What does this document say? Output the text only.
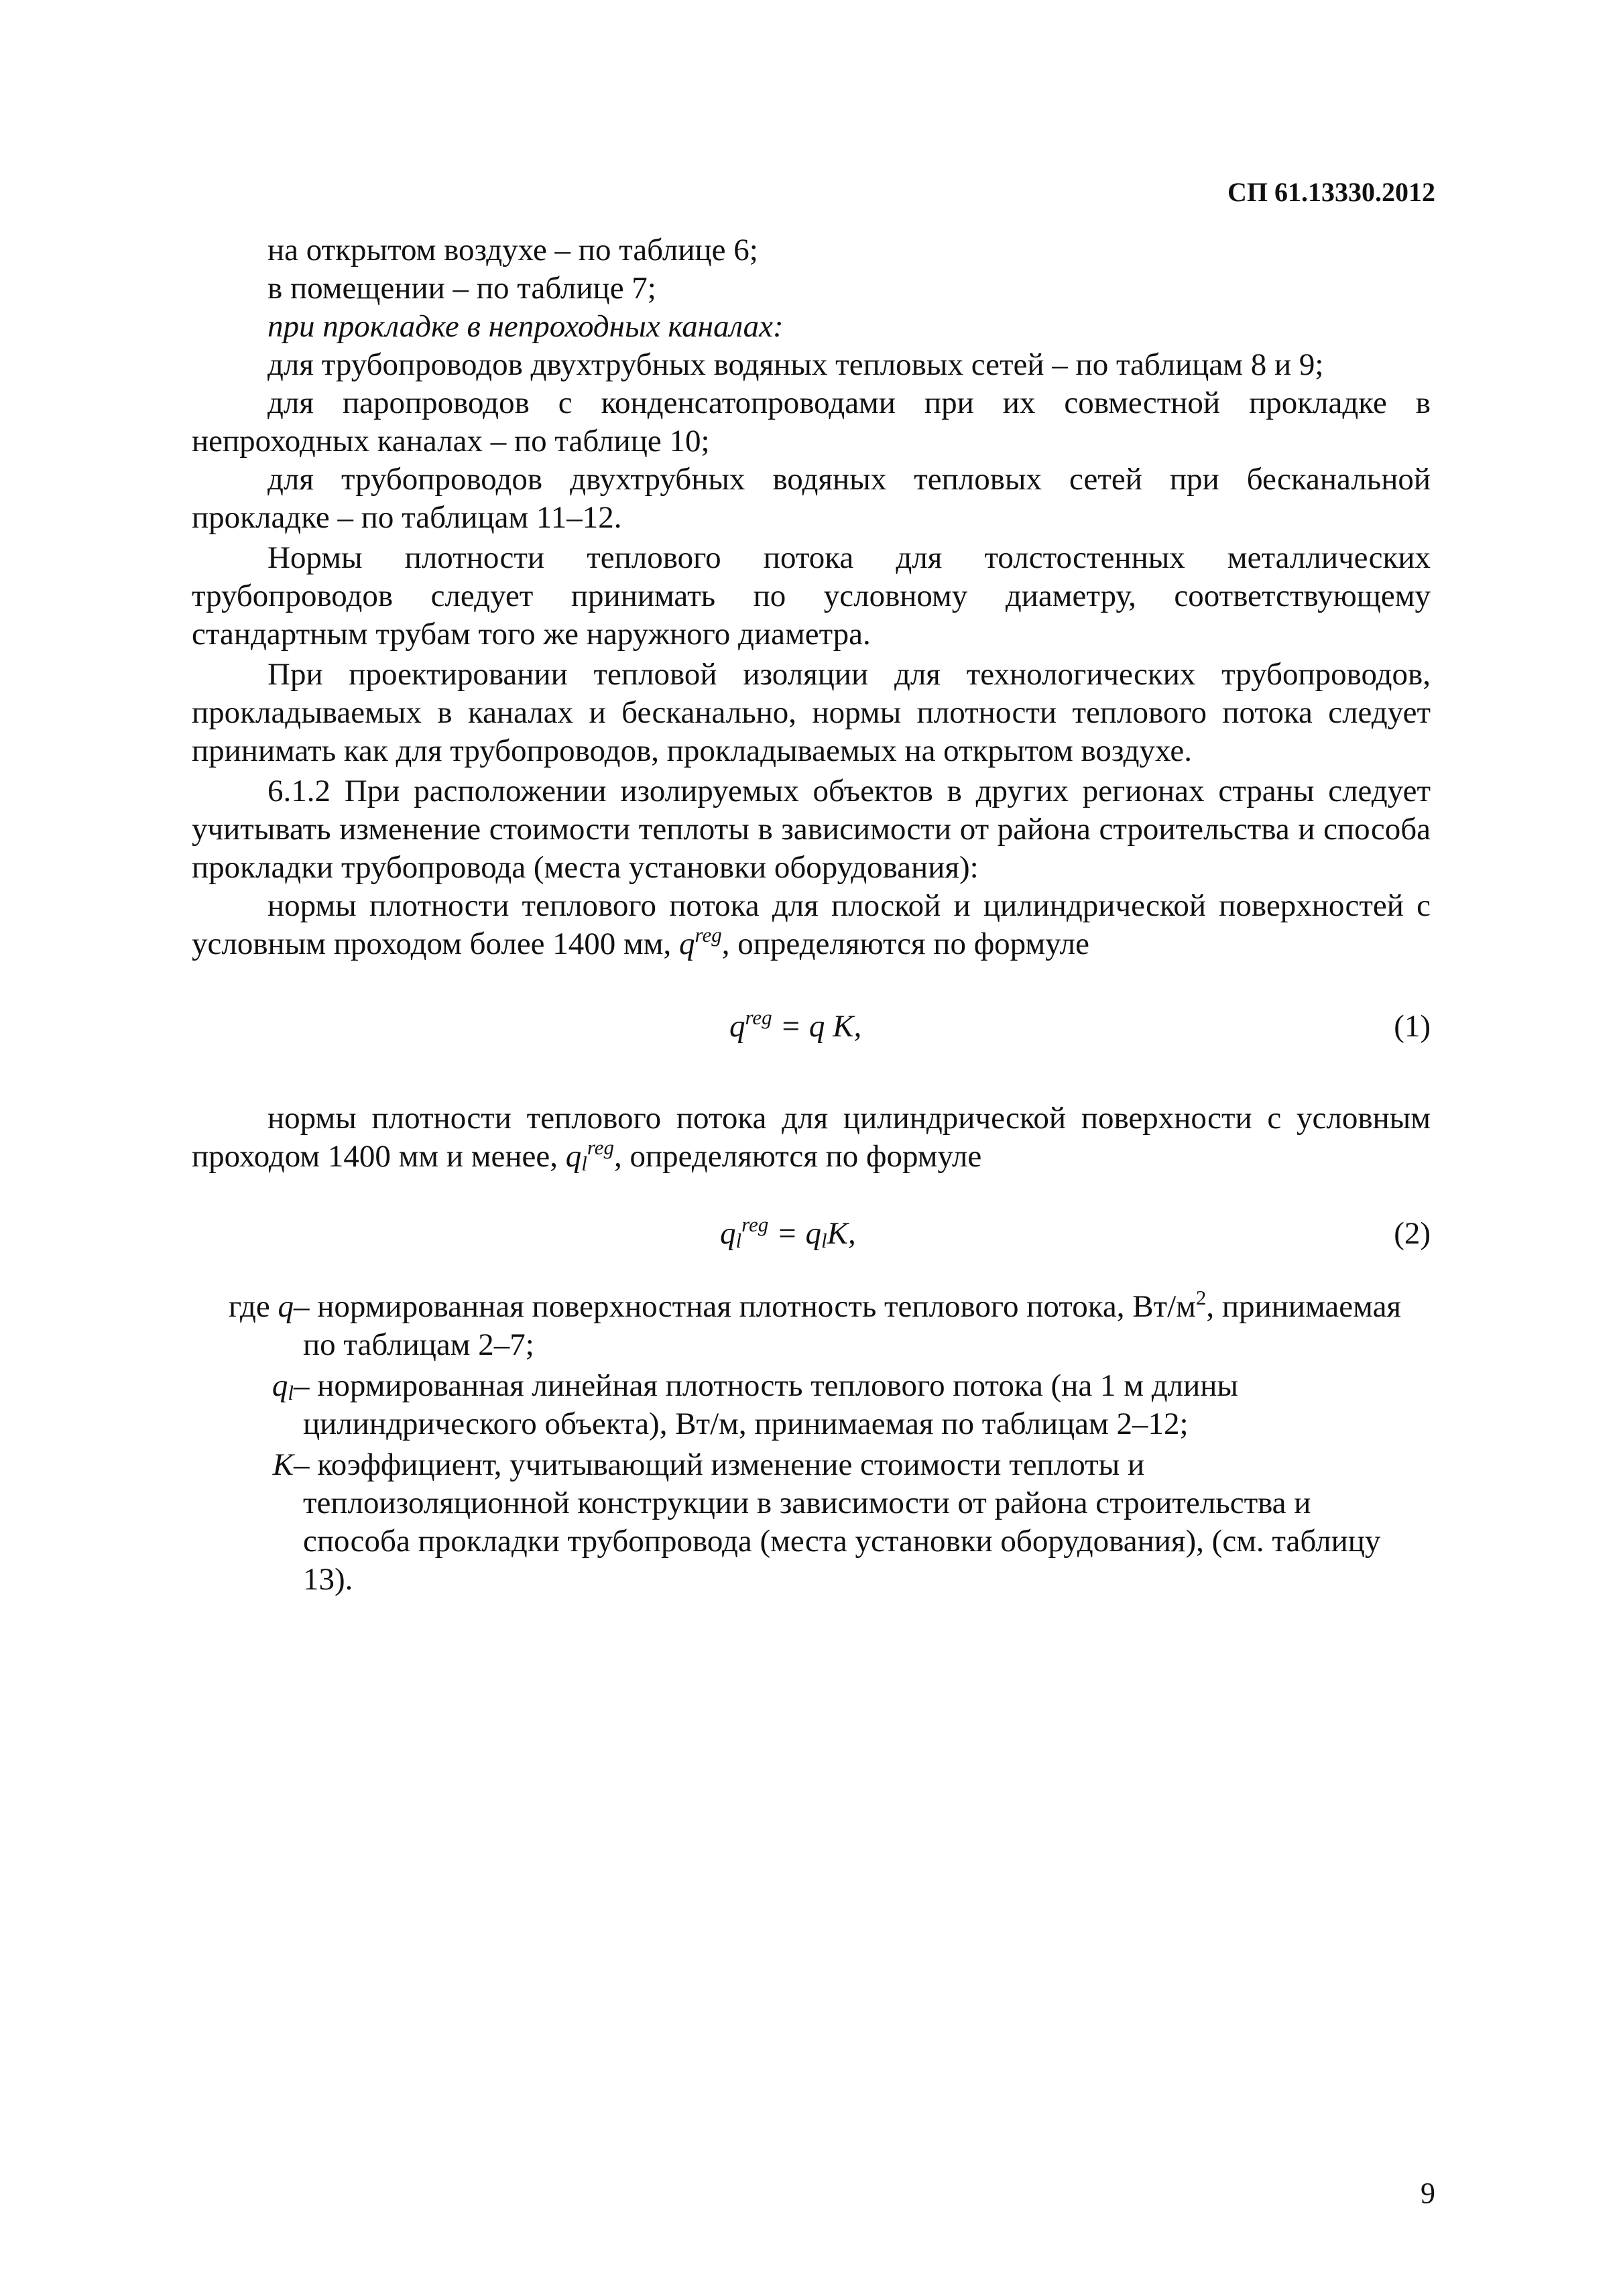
СП 61.13330.2012

на открытом воздухе – по таблице 6;

в помещении – по таблице 7;

при прокладке в непроходных каналах:

для трубопроводов двухтрубных водяных тепловых сетей – по таблицам 8 и 9;

для паропроводов с конденсатопроводами при их совместной прокладке в непроходных каналах – по таблице 10;

для трубопроводов двухтрубных водяных тепловых сетей при бесканальной прокладке – по таблицам 11–12.

Нормы плотности теплового потока для толстостенных металлических трубопроводов следует принимать по условному диаметру, соответствующему стандартным трубам того же наружного диаметра.

При проектировании тепловой изоляции для технологических трубопроводов, прокладываемых в каналах и бесканально, нормы плотности теплового потока следует принимать как для трубопроводов, прокладываемых на открытом воздухе.

6.1.2 При расположении изолируемых объектов в других регионах страны следует учитывать изменение стоимости теплоты в зависимости от района строительства и способа прокладки трубопровода (места установки оборудования):

нормы плотности теплового потока для плоской и цилиндрической поверхностей с условным проходом более 1400 мм, $q^{reg}$, определяются по формуле

$q^{reg} = q$ K,	(1)

нормы плотности теплового потока для цилиндрической поверхности с условным проходом 1400 мм и менее, $q_l^{reg}$, определяются по формуле

$q_l^{reg} = q_lK$,	(2)
где q – нормированная поверхностная плотность теплового потока, $Вт/м^2$, принимаемая
по таблицам 2–7;
$q_l$ – нормированная линейная плотность теплового потока (на 1 м длины
цилиндрического объекта), Вт/м, принимаемая по таблицам 2–12;
K – коэффициент, учитывающий изменение стоимости теплоты и
теплоизоляционной конструкции в зависимости от района строительства и
способа прокладки трубопровода (места установки оборудования), (см. таблицу 13).
9
